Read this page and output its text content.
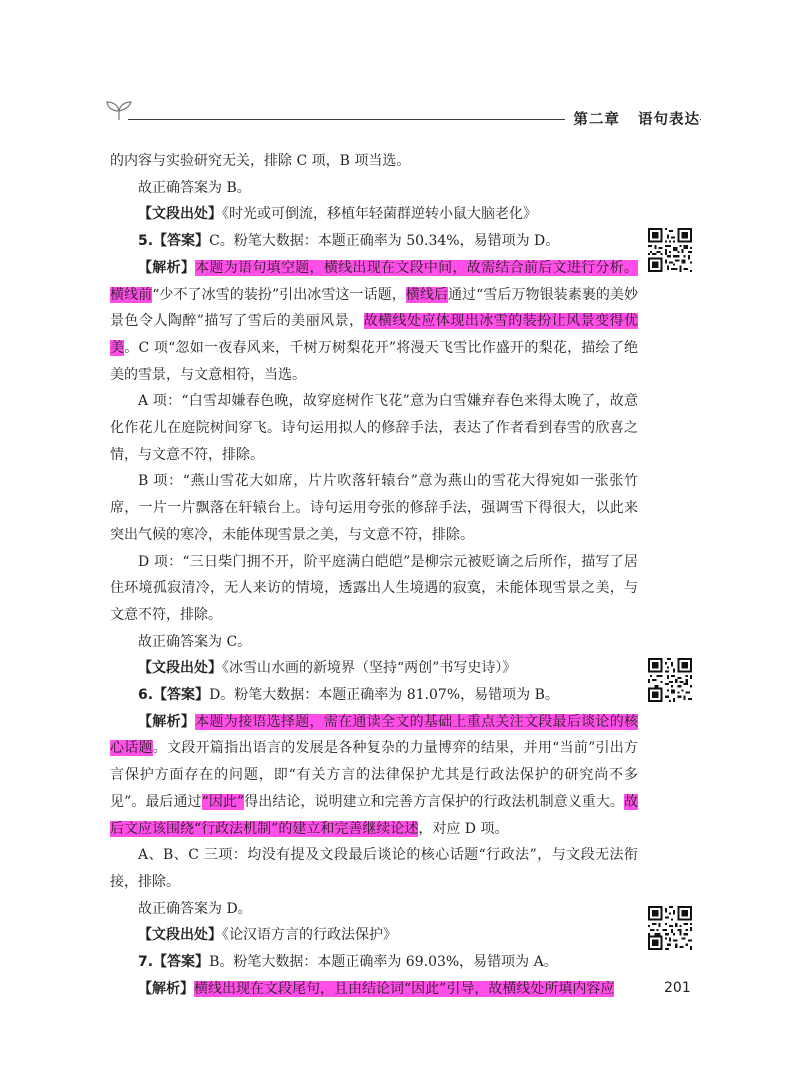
第二章 语句表达

的内容与实验研究无关，排除 C 项，B 项当选。

故正确答案为 B。

【文段出处】《时光或可倒流，移植年轻菌群逆转小鼠大脑老化》

5.【答案】C。粉笔大数据：本题正确率为 50.34%，易错项为 D。

【解析】本题为语句填空题，横线出现在文段中间，故需结合前后文进行分析。横线前“少不了冰雪的装扮”引出冰雪这一话题，横线后通过“雪后万物银装素裹的美妙景色令人陶醉”描写了雪后的美丽风景，故横线处应体现出冰雪的装扮让风景变得优美。C 项“忽如一夜春风来，千树万树梨花开”将漫天飞雪比作盛开的梨花，描绘了绝美的雪景，与文意相符，当选。

A 项：“白雪却嫌春色晚，故穿庭树作飞花”意为白雪嫌弃春色来得太晚了，故意化作花儿在庭院树间穿飞。诗句运用拟人的修辞手法，表达了作者看到春雪的欣喜之情，与文意不符，排除。

B 项：“燕山雪花大如席，片片吹落轩辕台”意为燕山的雪花大得宛如一张张竹席，一片一片飘落在轩辕台上。诗句运用夸张的修辞手法，强调雪下得很大，以此来突出气候的寒冷，未能体现雪景之美，与文意不符，排除。

D 项：“三日柴门拥不开，阶平庭满白皑皑”是柳宗元被贬谪之后所作，描写了居住环境孤寂清冷，无人来访的情境，透露出人生境遇的寂寞，未能体现雪景之美，与文意不符，排除。

故正确答案为 C。

【文段出处】《冰雪山水画的新境界（坚持“两创”书写史诗）》

6.【答案】D。粉笔大数据：本题正确率为 81.07%，易错项为 B。

【解析】本题为接语选择题，需在通读全文的基础上重点关注文段最后谈论的核心话题。文段开篇指出语言的发展是各种复杂的力量博弈的结果，并用“当前”引出方言保护方面存在的问题，即“有关方言的法律保护尤其是行政法保护的研究尚不多见”。最后通过“因此”得出结论，说明建立和完善方言保护的行政法机制意义重大。故后文应该围绕“行政法机制”的建立和完善继续论述，对应 D 项。

A、B、C 三项：均没有提及文段最后谈论的核心话题“行政法”，与文段无法衔接，排除。

故正确答案为 D。

【文段出处】《论汉语方言的行政法保护》

7.【答案】B。粉笔大数据：本题正确率为 69.03%，易错项为 A。

【解析】横线出现在文段尾句，且由结论词“因此”引导，故横线处所填内容应	201
